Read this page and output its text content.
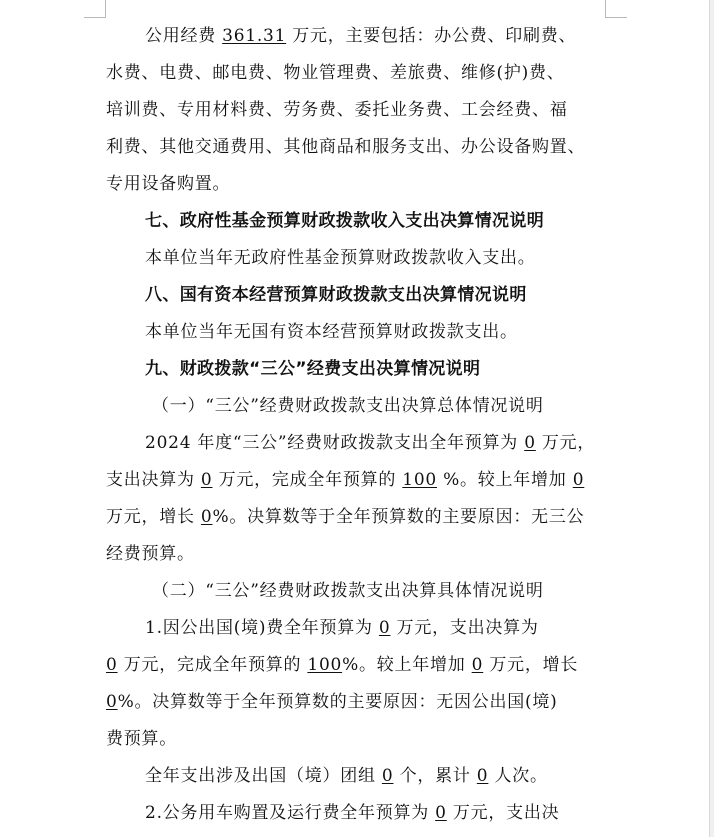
公用经费 361.31 万元，主要包括：办公费、印刷费、
水费、电费、邮电费、物业管理费、差旅费、维修(护)费、
培训费、专用材料费、劳务费、委托业务费、工会经费、福
利费、其他交通费用、其他商品和服务支出、办公设备购置、
专用设备购置。
七、政府性基金预算财政拨款收入支出决算情况说明
本单位当年无政府性基金预算财政拨款收入支出。
八、国有资本经营预算财政拨款支出决算情况说明
本单位当年无国有资本经营预算财政拨款支出。
九、财政拨款“三公”经费支出决算情况说明
（一）“三公”经费财政拨款支出决算总体情况说明
2024 年度“三公”经费财政拨款支出全年预算为 0 万元，
支出决算为 0 万元，完成全年预算的 100 %。较上年增加 0
万元，增长 0%。决算数等于全年预算数的主要原因：无三公
经费预算。
（二）“三公”经费财政拨款支出决算具体情况说明
1.因公出国(境)费全年预算为 0 万元，支出决算为
0 万元，完成全年预算的 100%。较上年增加 0 万元，增长
0%。决算数等于全年预算数的主要原因：无因公出国(境)
费预算。
全年支出涉及出国（境）团组 0 个，累计 0 人次。
2.公务用车购置及运行费全年预算为 0 万元，支出决
